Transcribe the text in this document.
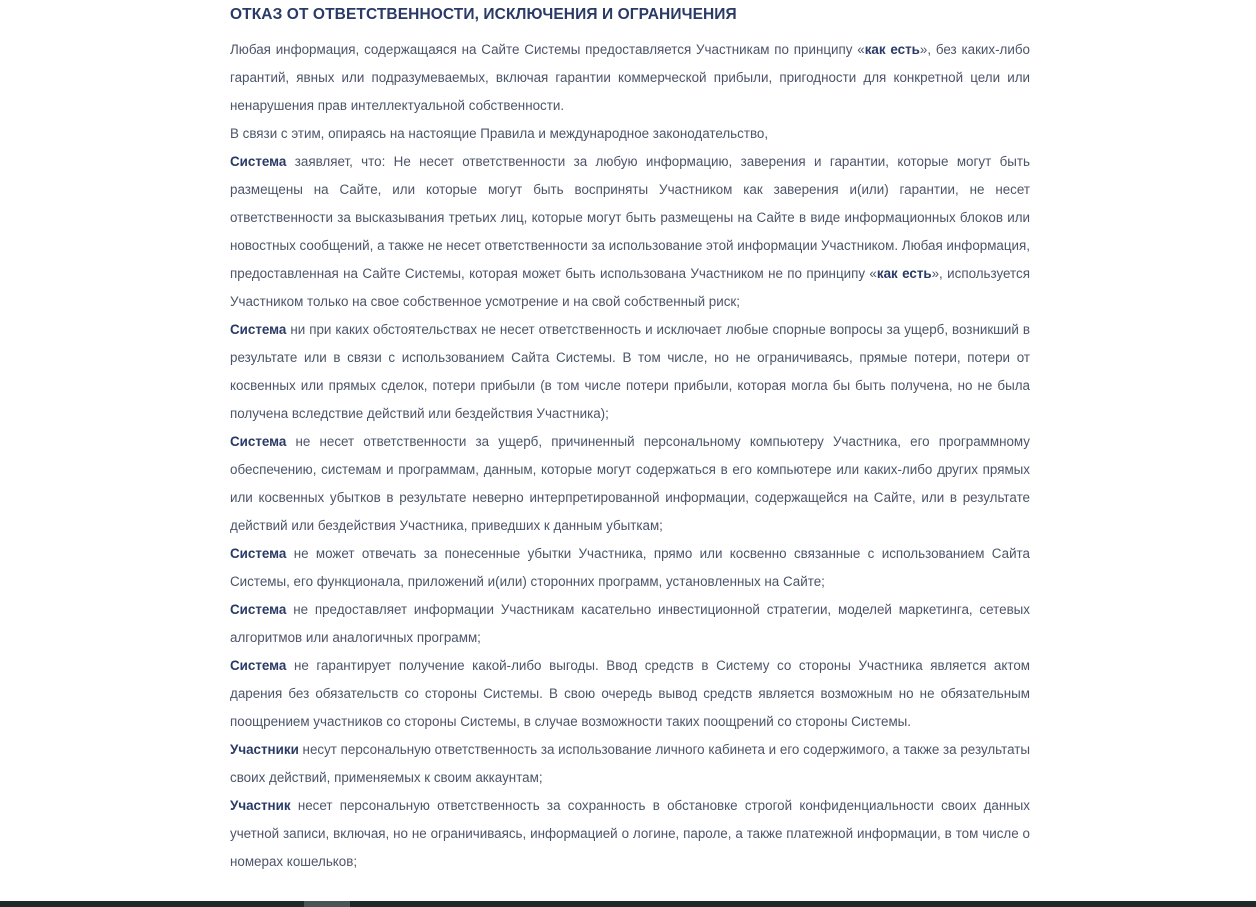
ОТКАЗ ОТ ОТВЕТСТВЕННОСТИ, ИСКЛЮЧЕНИЯ И ОГРАНИЧЕНИЯ

Любая информация, содержащаяся на Сайте Системы предоставляется Участникам по принципу «как есть», без каких-либо гарантий, явных или подразумеваемых, включая гарантии коммерческой прибыли, пригодности для конкретной цели или ненарушения прав интеллектуальной собственности.

В связи с этим, опираясь на настоящие Правила и международное законодательство,

Система заявляет, что: Не несет ответственности за любую информацию, заверения и гарантии, которые могут быть размещены на Сайте, или которые могут быть восприняты Участником как заверения и(или) гарантии, не несет ответственности за высказывания третьих лиц, которые могут быть размещены на Сайте в виде информационных блоков или новостных сообщений, а также не несет ответственности за использование этой информации Участником. Любая информация, предоставленная на Сайте Системы, которая может быть использована Участником не по принципу «как есть», используется Участником только на свое собственное усмотрение и на свой собственный риск;

Система ни при каких обстоятельствах не несет ответственность и исключает любые спорные вопросы за ущерб, возникший в результате или в связи с использованием Сайта Системы. В том числе, но не ограничиваясь, прямые потери, потери от косвенных или прямых сделок, потери прибыли (в том числе потери прибыли, которая могла бы быть получена, но не была получена вследствие действий или бездействия Участника);

Система не несет ответственности за ущерб, причиненный персональному компьютеру Участника, его программному обеспечению, системам и программам, данным, которые могут содержаться в его компьютере или каких-либо других прямых или косвенных убытков в результате неверно интерпретированной информации, содержащейся на Сайте, или в результате действий или бездействия Участника, приведших к данным убыткам;

Система не может отвечать за понесенные убытки Участника, прямо или косвенно связанные с использованием Сайта Системы, его функционала, приложений и(или) сторонних программ, установленных на Сайте;

Система не предоставляет информации Участникам касательно инвестиционной стратегии, моделей маркетинга, сетевых алгоритмов или аналогичных программ;

Система не гарантирует получение какой-либо выгоды. Ввод средств в Систему со стороны Участника является актом дарения без обязательств со стороны Системы. В свою очередь вывод средств является возможным но не обязательным поощрением участников со стороны Системы, в случае возможности таких поощрений со стороны Системы.

Участники несут персональную ответственность за использование личного кабинета и его содержимого, а также за результаты своих действий, применяемых к своим аккаунтам;

Участник несет персональную ответственность за сохранность в обстановке строгой конфиденциальности своих данных учетной записи, включая, но не ограничиваясь, информацией о логине, пароле, а также платежной информации, в том числе о номерах кошельков;
